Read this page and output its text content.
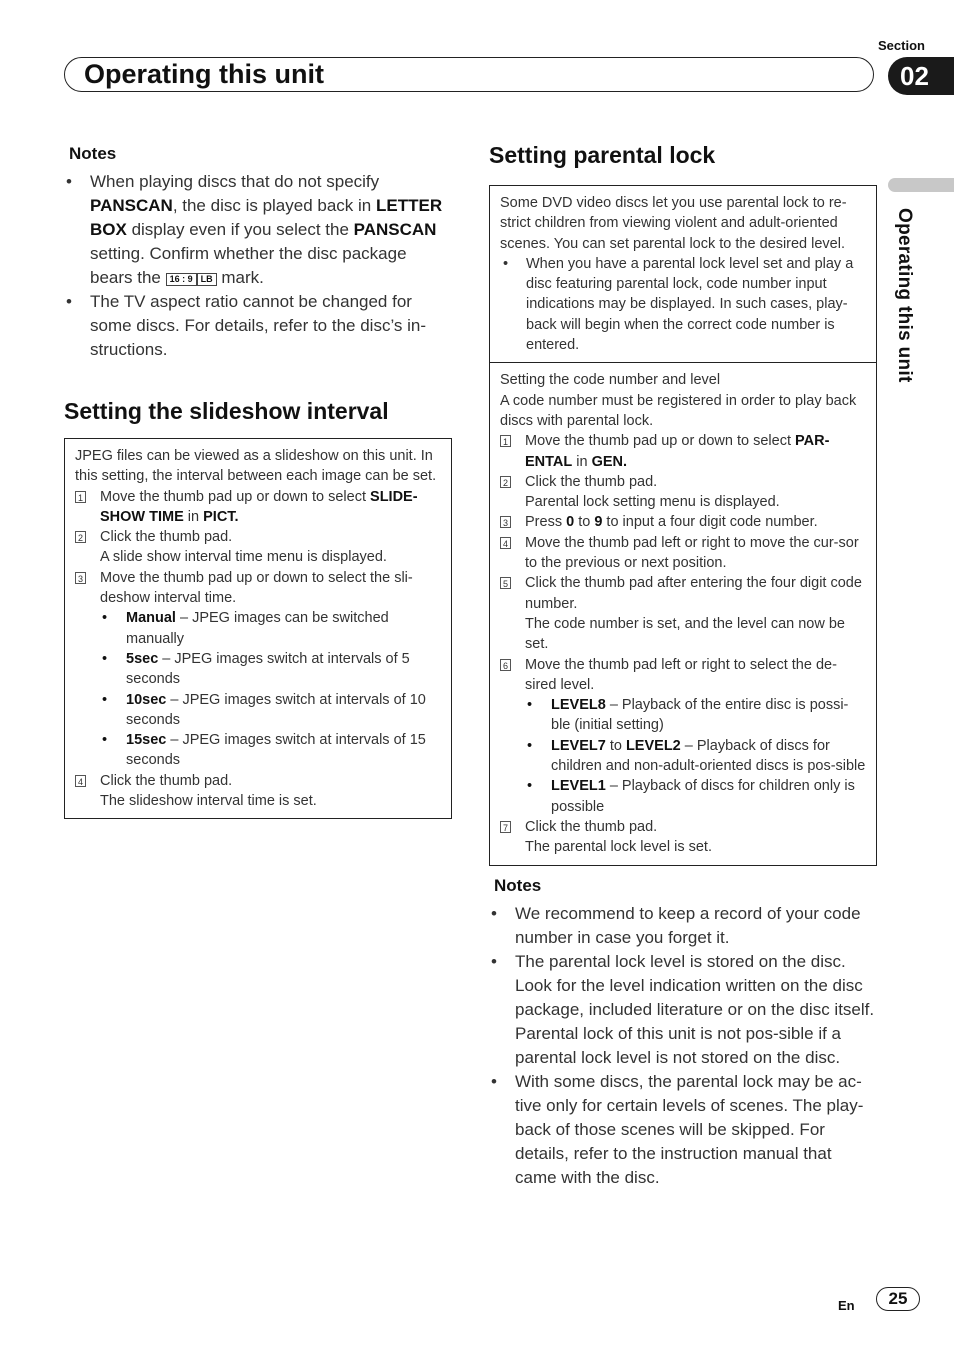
Section
Operating this unit	02
Operating this unit
Notes
• When playing discs that do not specify PANSCAN, the disc is played back in LETTER BOX display even if you select the PANSCAN setting. Confirm whether the disc package bears the 16 : 9 LB mark.
• The TV aspect ratio cannot be changed for some discs. For details, refer to the disc’s in-structions.
Setting the slideshow interval
JPEG files can be viewed as a slideshow on this unit. In this setting, the interval between each image can be set.
1 Move the thumb pad up or down to select SLIDE-SHOW TIME in PICT.
2 Click the thumb pad.
A slide show interval time menu is displayed.
3 Move the thumb pad up or down to select the sli-deshow interval time.
• Manual – JPEG images can be switched manually
• 5sec – JPEG images switch at intervals of 5 seconds
• 10sec – JPEG images switch at intervals of 10 seconds
• 15sec – JPEG images switch at intervals of 15 seconds
4 Click the thumb pad.
The slideshow interval time is set.
Setting parental lock
Some DVD video discs let you use parental lock to re-strict children from viewing violent and adult-oriented scenes. You can set parental lock to the desired level.
• When you have a parental lock level set and play a disc featuring parental lock, code number input indications may be displayed. In such cases, play-back will begin when the correct code number is entered.
Setting the code number and level
A code number must be registered in order to play back discs with parental lock.
1 Move the thumb pad up or down to select PAR-ENTAL in GEN.
2 Click the thumb pad.
Parental lock setting menu is displayed.
3 Press 0 to 9 to input a four digit code number.
4 Move the thumb pad left or right to move the cur-sor to the previous or next position.
5 Click the thumb pad after entering the four digit code number.
The code number is set, and the level can now be set.
6 Move the thumb pad left or right to select the de-sired level.
• LEVEL8 – Playback of the entire disc is possi-ble (initial setting)
• LEVEL7 to LEVEL2 – Playback of discs for children and non-adult-oriented discs is pos-sible
• LEVEL1 – Playback of discs for children only is possible
7 Click the thumb pad.
The parental lock level is set.
Notes
• We recommend to keep a record of your code number in case you forget it.
• The parental lock level is stored on the disc. Look for the level indication written on the disc package, included literature or on the disc itself. Parental lock of this unit is not pos-sible if a parental lock level is not stored on the disc.
• With some discs, the parental lock may be ac-tive only for certain levels of scenes. The play-back of those scenes will be skipped. For details, refer to the instruction manual that came with the disc.
En	25
